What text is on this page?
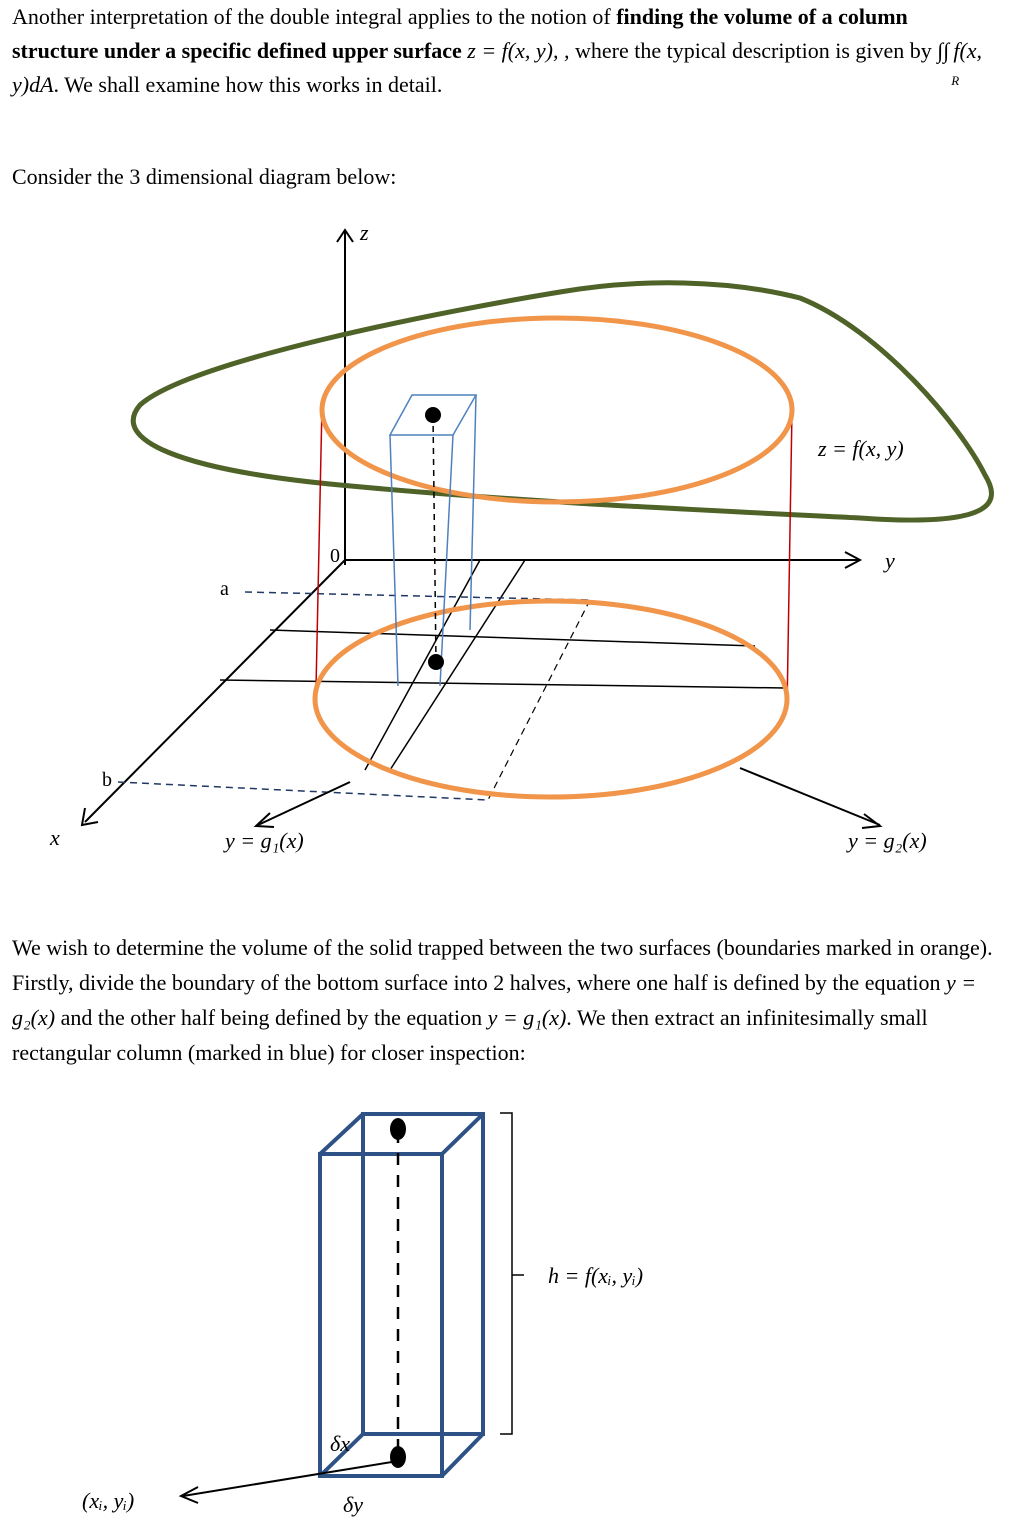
Another interpretation of the double integral applies to the notion of finding the volume of a column structure under a specific defined upper surface z = f(x, y), , where the typical description is given by ∫∫
R
f(x, y)dA. We shall examine how this works in detail.

Consider the 3 dimensional diagram below:

z
z = f(x, y)
y
0
x
a
b
y = g₁(x)	y = g₂(x)

We wish to determine the volume of the solid trapped between the two surfaces (boundaries marked in orange). Firstly, divide the boundary of the bottom surface into 2 halves, where one half is defined by the equation y = g₂(x) and the other half being defined by the equation y = g₁(x). We then extract an infinitesimally small rectangular column (marked in blue) for closer inspection:

h = f(xᵢ, yᵢ)
δx
δy
(xᵢ, yᵢ)
